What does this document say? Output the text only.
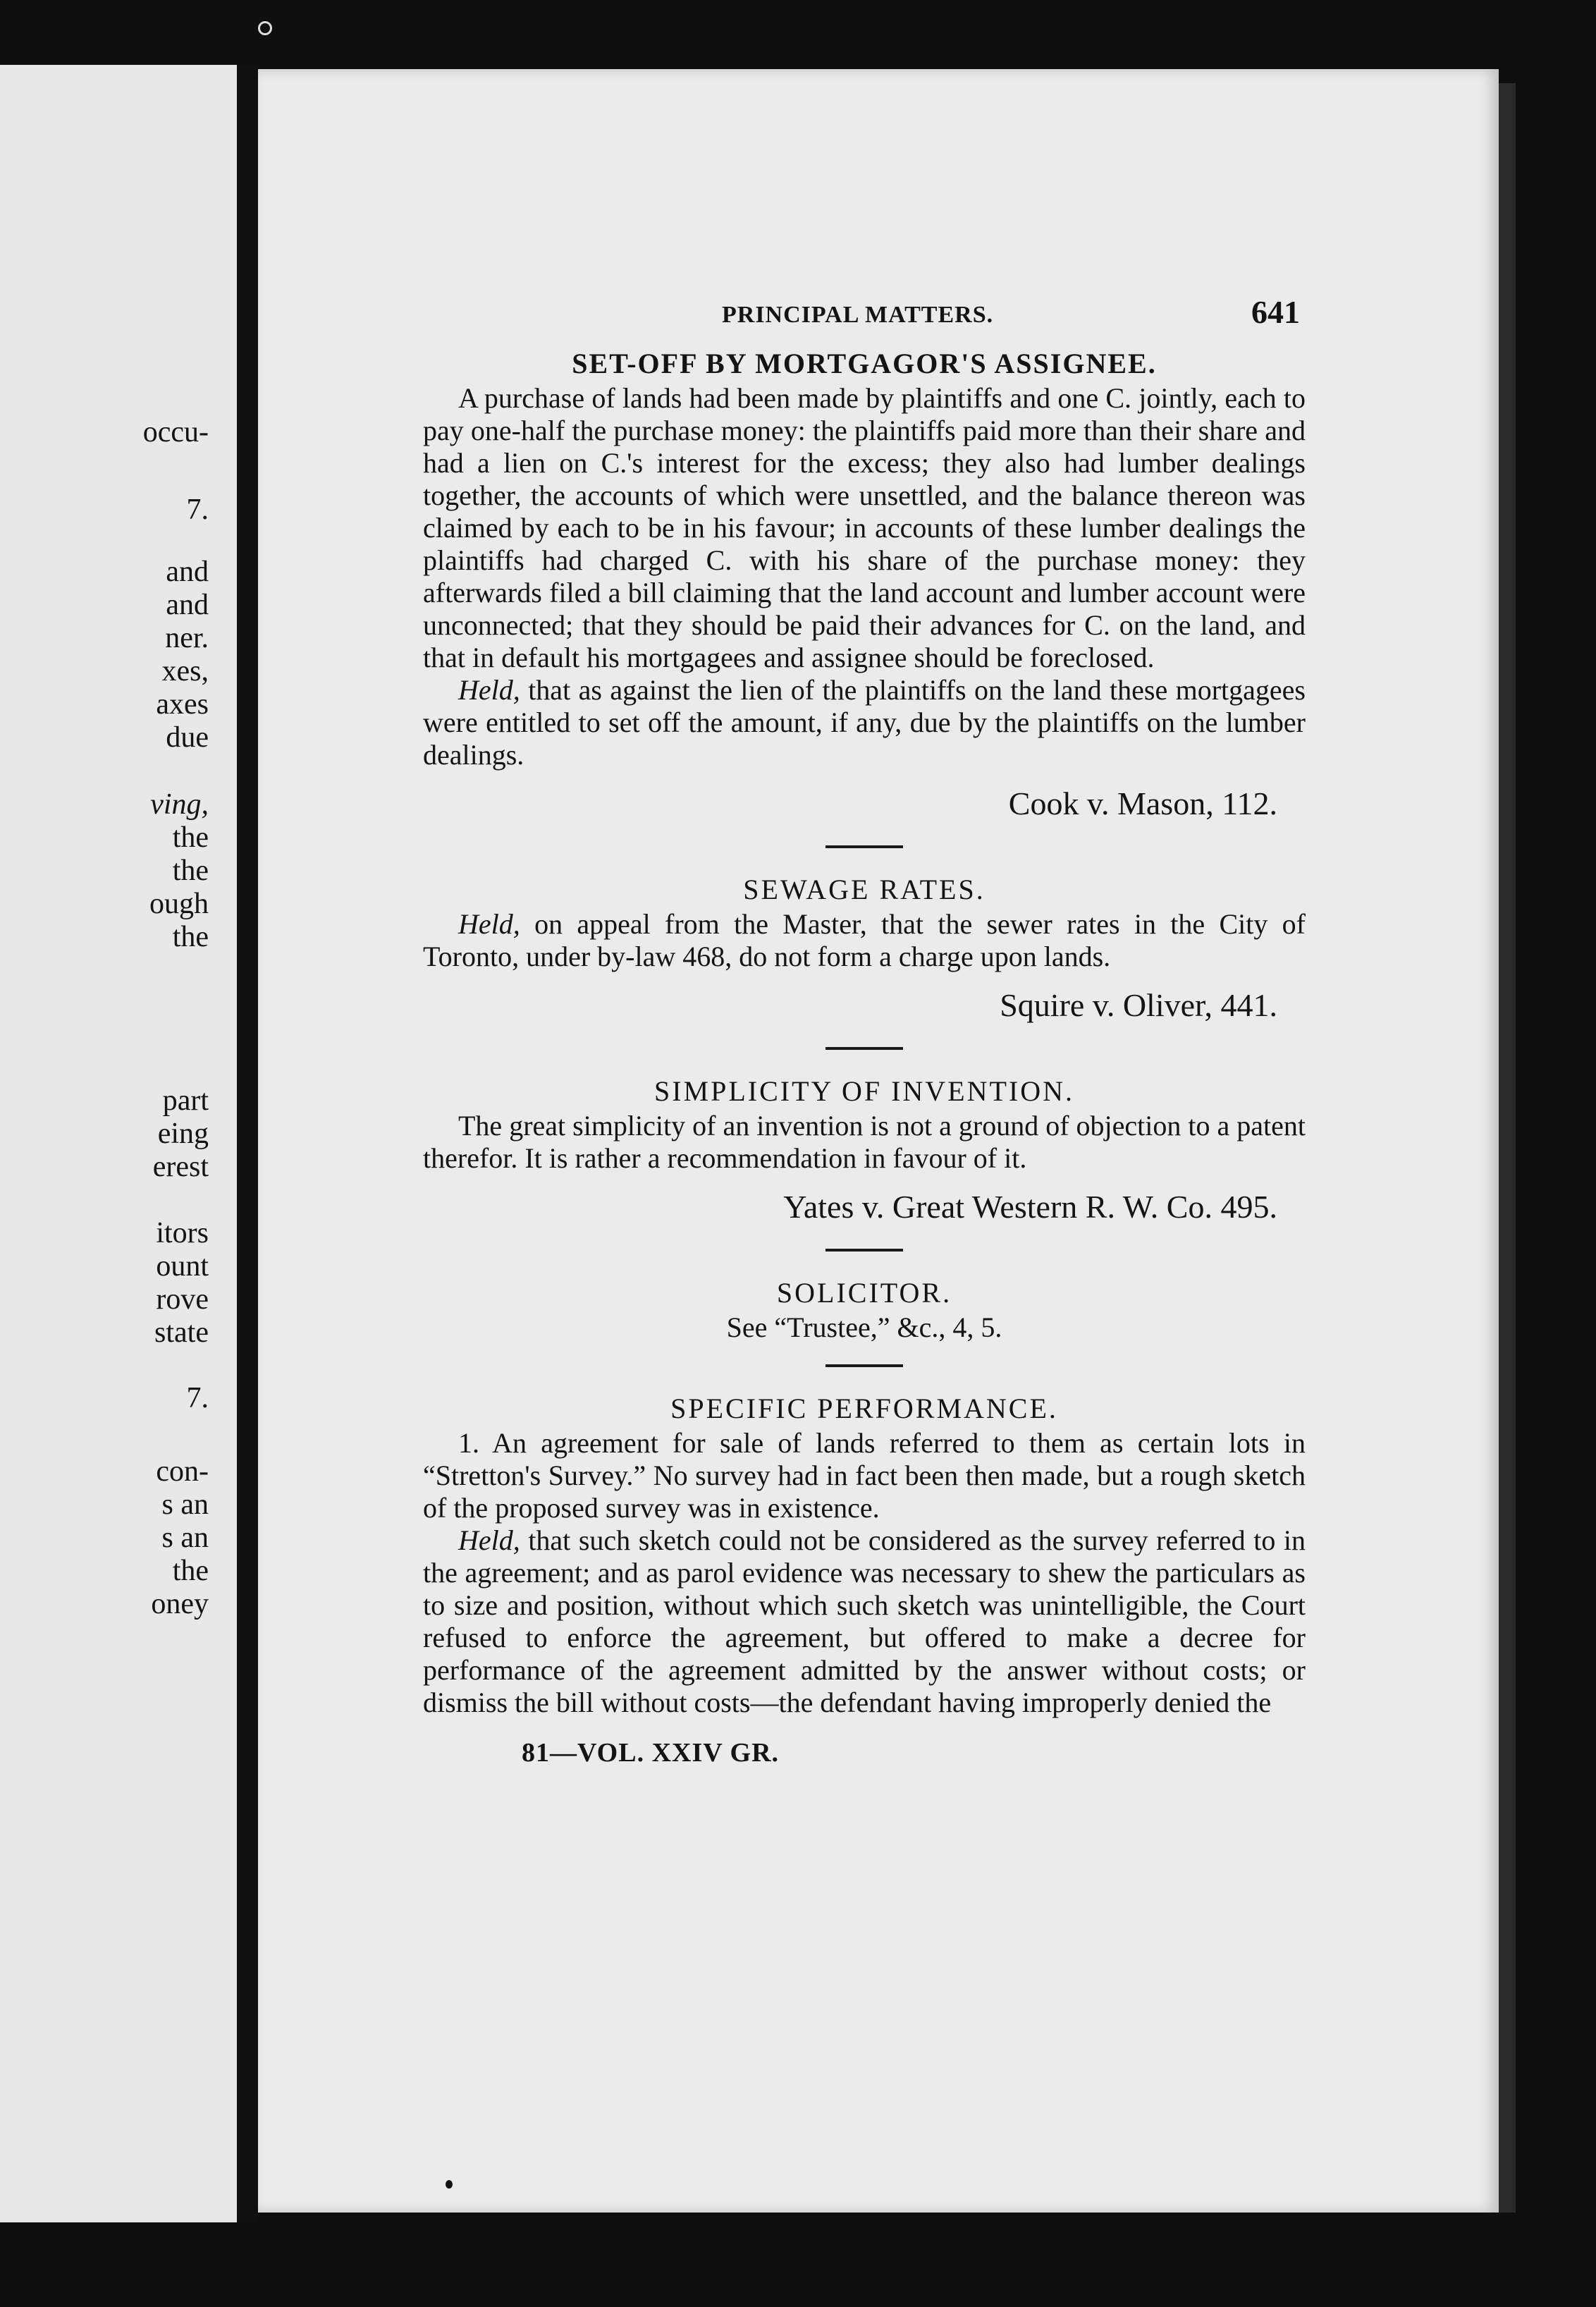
occu-
7.
and
and
ner.
xes,
axes
due
ving,
the
the
ough
the
part
eing
erest
itors
ount
rove
state
7.
con-
s an
s an
the
oney
PRINCIPAL MATTERS.	641
SET-OFF BY MORTGAGOR'S ASSIGNEE.

A purchase of lands had been made by plaintiffs and one C. jointly, each to pay one-half the purchase money: the plaintiffs paid more than their share and had a lien on C.'s interest for the excess; they also had lumber dealings together, the accounts of which were unsettled, and the balance thereon was claimed by each to be in his favour; in accounts of these lumber dealings the plaintiffs had charged C. with his share of the purchase money: they afterwards filed a bill claiming that the land account and lumber account were unconnected; that they should be paid their advances for C. on the land, and that in default his mortgagees and assignee should be foreclosed.

Held, that as against the lien of the plaintiffs on the land these mortgagees were entitled to set off the amount, if any, due by the plaintiffs on the lumber dealings.

Cook v. Mason, 112.
SEWAGE RATES.

Held, on appeal from the Master, that the sewer rates in the City of Toronto, under by-law 468, do not form a charge upon lands.

Squire v. Oliver, 441.
SIMPLICITY OF INVENTION.

The great simplicity of an invention is not a ground of objection to a patent therefor. It is rather a recommendation in favour of it.

Yates v. Great Western R. W. Co. 495.
SOLICITOR.

See “Trustee,” &c., 4, 5.

SPECIFIC PERFORMANCE.

1. An agreement for sale of lands referred to them as certain lots in “Stretton's Survey.” No survey had in fact been then made, but a rough sketch of the proposed survey was in existence.

Held, that such sketch could not be considered as the survey referred to in the agreement; and as parol evidence was necessary to shew the particulars as to size and position, without which such sketch was unintelligible, the Court refused to enforce the agreement, but offered to make a decree for performance of the agreement admitted by the answer without costs; or dismiss the bill without costs—the defendant having improperly denied the

81—VOL. XXIV GR.
